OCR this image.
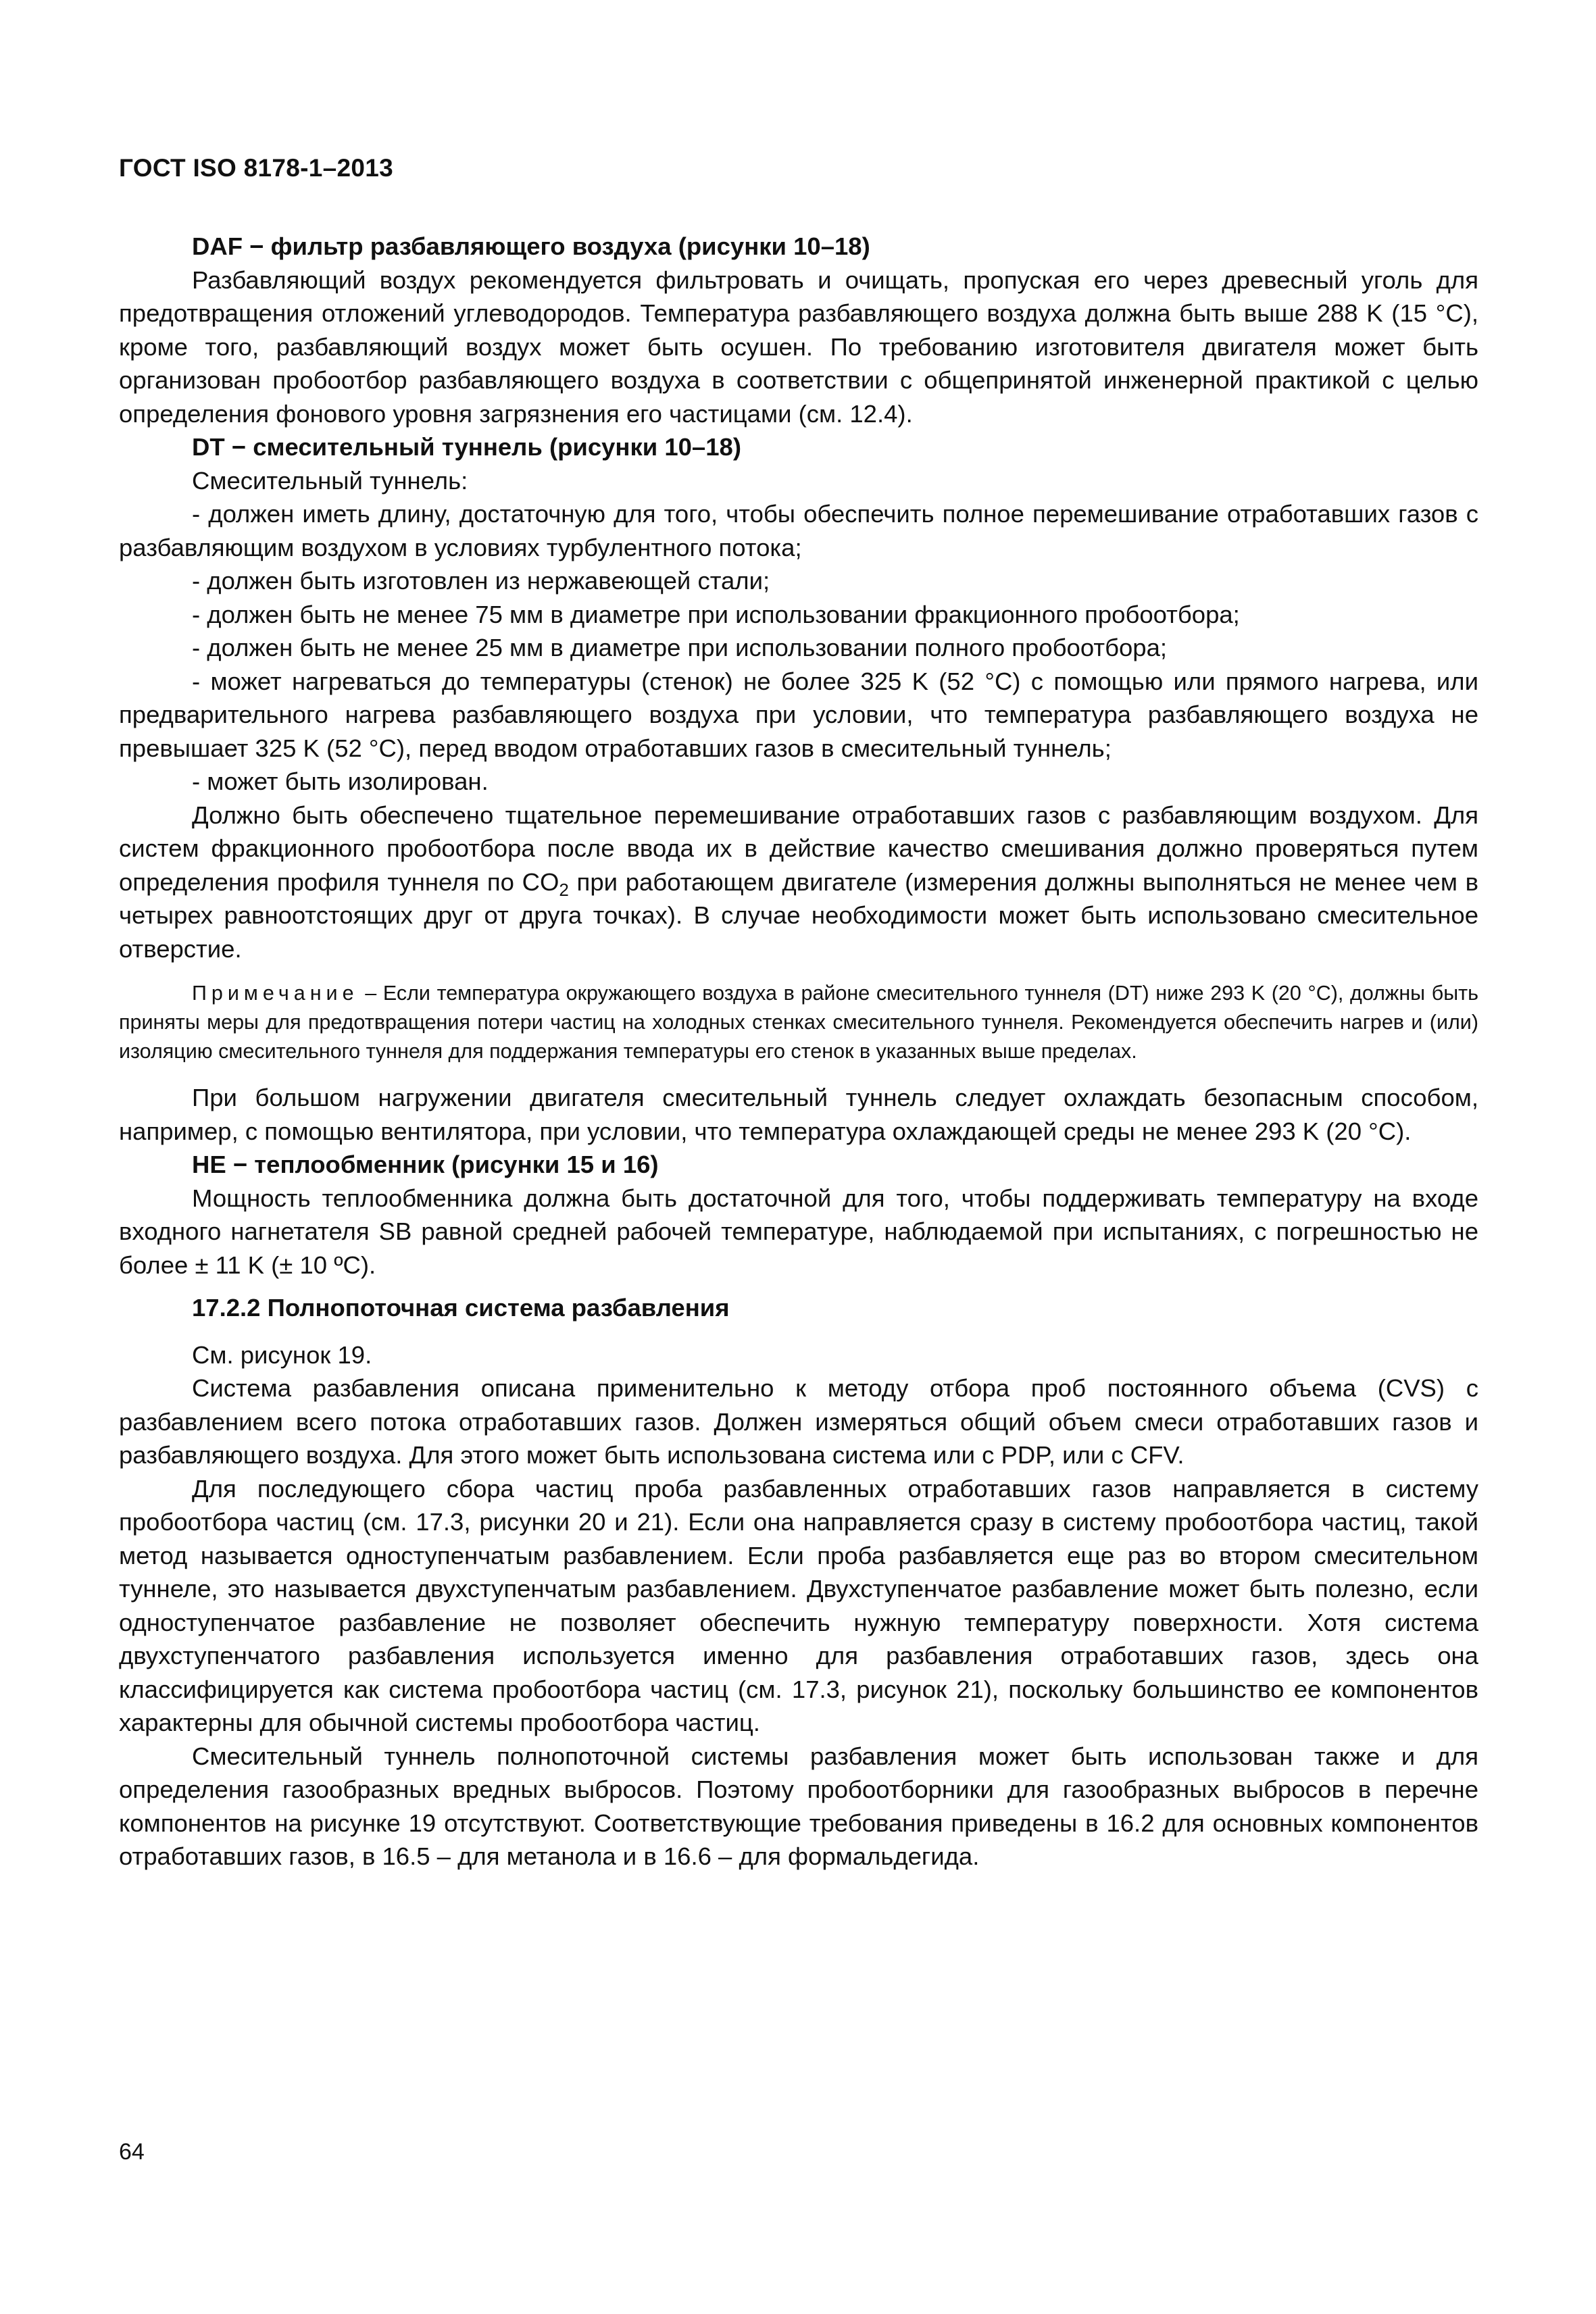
ГОСТ ISO 8178-1–2013

DAF − фильтр разбавляющего воздуха (рисунки 10–18)

Разбавляющий воздух рекомендуется фильтровать и очищать, пропуская его через древесный уголь для предотвращения отложений углеводородов. Температура разбавляющего воздуха должна быть выше 288 K (15 °C), кроме того, разбавляющий воздух может быть осушен. По требованию изготовителя двигателя может быть организован пробоотбор разбавляющего воздуха в соответствии с общепринятой инженерной практикой с целью определения фонового уровня загрязнения его частицами (см. 12.4).

DT − смесительный туннель (рисунки 10–18)

Смесительный туннель:

- должен иметь длину, достаточную для того, чтобы обеспечить полное перемешивание отработавших газов с разбавляющим воздухом в условиях турбулентного потока;

- должен быть изготовлен из нержавеющей стали;

- должен быть не менее 75 мм в диаметре при использовании фракционного пробоотбора;

- должен быть не менее 25 мм в диаметре при использовании полного пробоотбора;

- может нагреваться до температуры (стенок) не более 325 K (52 °C) с помощью или прямого нагрева, или предварительного нагрева разбавляющего воздуха при условии, что температура разбавляющего воздуха не превышает 325 K (52 °C), перед вводом отработавших газов в смесительный туннель;

- может быть изолирован.

Должно быть обеспечено тщательное перемешивание отработавших газов с разбавляющим воздухом. Для систем фракционного пробоотбора после ввода их в действие качество смешивания должно проверяться путем определения профиля туннеля по $CO_2$ при работающем двигателе (измерения должны выполняться не менее чем в четырех равноотстоящих друг от друга точках). В случае необходимости может быть использовано смесительное отверстие.

Примечание – Если температура окружающего воздуха в районе смесительного туннеля (DT) ниже 293 K (20 °C), должны быть приняты меры для предотвращения потери частиц на холодных стенках смесительного туннеля. Рекомендуется обеспечить нагрев и (или) изоляцию смесительного туннеля для поддержания температуры его стенок в указанных выше пределах.

При большом нагружении двигателя смесительный туннель следует охлаждать безопасным способом, например, с помощью вентилятора, при условии, что температура охлаждающей среды не менее 293 K (20 °C).

HE − теплообменник (рисунки 15 и 16)

Мощность теплообменника должна быть достаточной для того, чтобы поддерживать температуру на входе входного нагнетателя SB равной средней рабочей температуре, наблюдаемой при испытаниях, с погрешностью не более ± 11 K (± 10 ºC).

17.2.2 Полнопоточная система разбавления

См. рисунок 19.

Система разбавления описана применительно к методу отбора проб постоянного объема (CVS) с разбавлением всего потока отработавших газов. Должен измеряться общий объем смеси отработавших газов и разбавляющего воздуха. Для этого может быть использована система или с PDP, или с CFV.

Для последующего сбора частиц проба разбавленных отработавших газов направляется в систему пробоотбора частиц (см. 17.3, рисунки 20 и 21). Если она направляется сразу в систему пробоотбора частиц, такой метод называется одноступенчатым разбавлением. Если проба разбавляется еще раз во втором смесительном туннеле, это называется двухступенчатым разбавлением. Двухступенчатое разбавление может быть полезно, если одноступенчатое разбавление не позволяет обеспечить нужную температуру поверхности. Хотя система двухступенчатого разбавления используется именно для разбавления отработавших газов, здесь она классифицируется как система пробоотбора частиц (см. 17.3, рисунок 21), поскольку большинство ее компонентов характерны для обычной системы пробоотбора частиц.

Смесительный туннель полнопоточной системы разбавления может быть использован также и для определения газообразных вредных выбросов. Поэтому пробоотборники для газообразных выбросов в перечне компонентов на рисунке 19 отсутствуют. Соответствующие требования приведены в 16.2 для основных компонентов отработавших газов, в 16.5 – для метанола и в 16.6 – для формальдегида.

64
